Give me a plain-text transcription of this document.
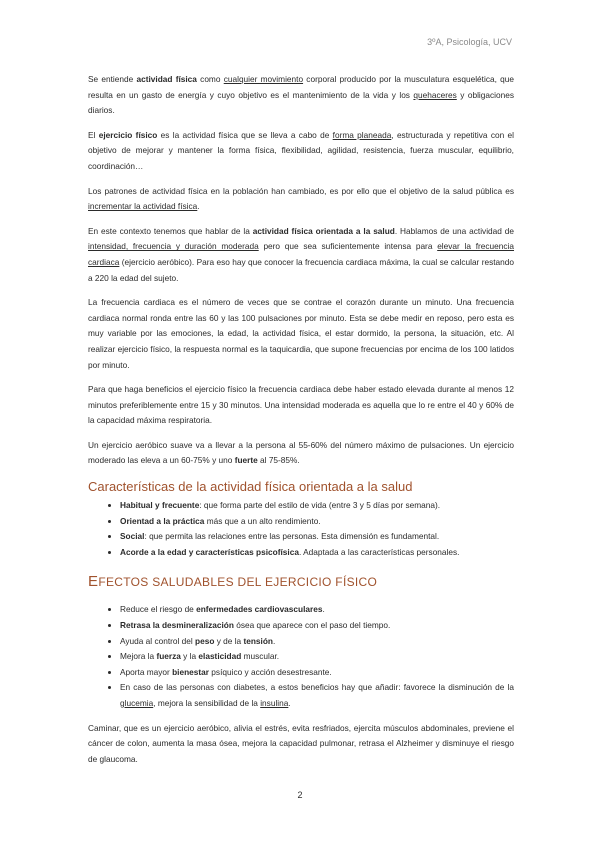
3ºA, Psicología, UCV

Se entiende actividad física como cualquier movimiento corporal producido por la musculatura esquelética, que resulta en un gasto de energía y cuyo objetivo es el mantenimiento de la vida y los quehaceres y obligaciones diarios.

El ejercicio físico es la actividad física que se lleva a cabo de forma planeada, estructurada y repetitiva con el objetivo de mejorar y mantener la forma física, flexibilidad, agilidad, resistencia, fuerza muscular, equilibrio, coordinación…

Los patrones de actividad física en la población han cambiado, es por ello que el objetivo de la salud pública es incrementar la actividad física.

En este contexto tenemos que hablar de la actividad física orientada a la salud. Hablamos de una actividad de intensidad, frecuencia y duración moderada pero que sea suficientemente intensa para elevar la frecuencia cardiaca (ejercicio aeróbico). Para eso hay que conocer la frecuencia cardiaca máxima, la cual se calcular restando a 220 la edad del sujeto.

La frecuencia cardiaca es el número de veces que se contrae el corazón durante un minuto. Una frecuencia cardiaca normal ronda entre las 60 y las 100 pulsaciones por minuto. Esta se debe medir en reposo, pero esta es muy variable por las emociones, la edad, la actividad física, el estar dormido, la persona, la situación, etc. Al realizar ejercicio físico, la respuesta normal es la taquicardia, que supone frecuencias por encima de los 100 latidos por minuto.

Para que haga beneficios el ejercicio físico la frecuencia cardiaca debe haber estado elevada durante al menos 12 minutos preferiblemente entre 15 y 30 minutos. Una intensidad moderada es aquella que lo re entre el 40 y 60% de la capacidad máxima respiratoria.

Un ejercicio aeróbico suave va a llevar a la persona al 55-60% del número máximo de pulsaciones. Un ejercicio moderado las eleva a un 60-75% y uno fuerte al 75-85%.

Características de la actividad física orientada a la salud
• Habitual y frecuente: que forma parte del estilo de vida (entre 3 y 5 días por semana).
• Orientad a la práctica más que a un alto rendimiento.
• Social: que permita las relaciones entre las personas. Esta dimensión es fundamental.
• Acorde a la edad y características psicofísica. Adaptada a las características personales.
EFECTOS SALUDABLES DEL EJERCICIO FÍSICO
• Reduce el riesgo de enfermedades cardiovasculares.
• Retrasa la desmineralización ósea que aparece con el paso del tiempo.
• Ayuda al control del peso y de la tensión.
• Mejora la fuerza y la elasticidad muscular.
• Aporta mayor bienestar psíquico y acción desestresante.
• En caso de las personas con diabetes, a estos beneficios hay que añadir: favorece la disminución de la glucemia, mejora la sensibilidad de la insulina.

Caminar, que es un ejercicio aeróbico, alivia el estrés, evita resfriados, ejercita músculos abdominales, previene el cáncer de colon, aumenta la masa ósea, mejora la capacidad pulmonar, retrasa el Alzheimer y disminuye el riesgo de glaucoma.

2
